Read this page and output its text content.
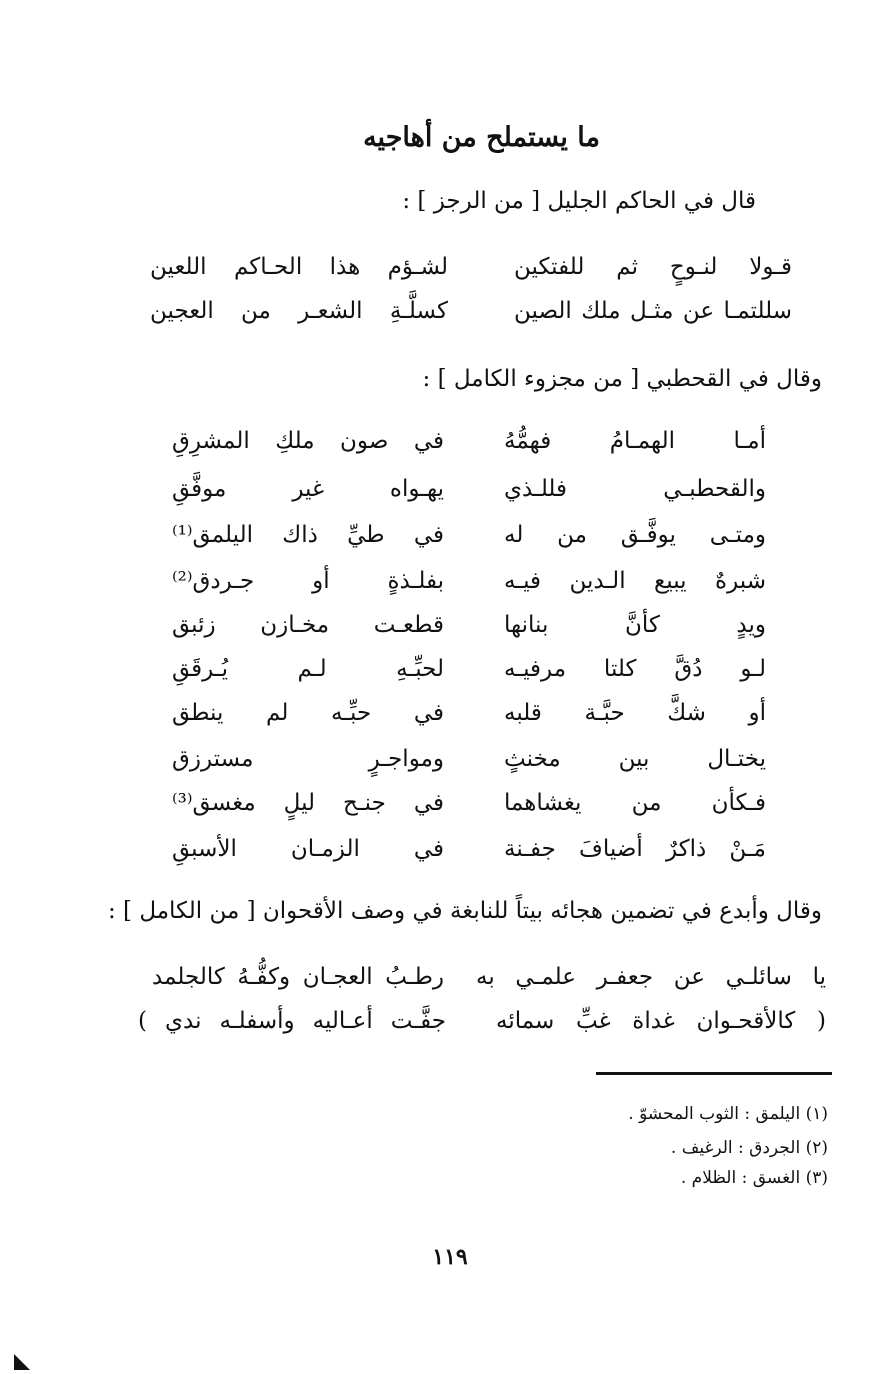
ما يستملح من أهاجيه
قال في الحاكم الجليل [ من الرجز ] :
قـولا لنـوحٍ ثم للفتكين
لشـؤم هذا الحـاكم اللعين
سللتمـا عن مثـل ملك الصين
كسلَّـةِ الشعـر من العجين
وقال في القحطبي [ من مجزوء الكامل ] :
أمـا الهمـامُ فهمُّهُ
في صون ملكِ المشرِقِ
والقحطبـي فللـذي
يهـواه غير موفَّقِ
ومتـى يوفَّـق من له
في طيِّ ذاك اليلمق⁽¹⁾
شبرهٌ يبيع الـدين فيـه
بفلـذةٍ أو جـردق⁽²⁾
ويدٍ كأنَّ بنانها
قطعـت مخـازن زئبق
لـو دُقَّ كلتا مرفيـه
لحبِّـهِ لـم يُـرقَقِ
أو شكَّ حبَّـة قلبه
في حبِّـه لم ينطق
يختـال بين مخنثٍ
ومواجـرٍ مسترزق
فـكأن من يغشاهما
في جنـح ليلٍ مغسق⁽³⁾
مَـنْ ذاكرٌ أضيافَ جفـنة
في الزمـان الأسبقِ
وقال وأبدع في تضمين هجائه بيتاً للنابغة في وصف الأقحوان [ من الكامل ] :
يا سائلـي عن جعفـر علمـي به
رطـبُ العجـان وكفُّـهُ كالجلمد
( كالأقحـوان غداة غبِّ سمائه
جفَّـت أعـاليه وأسفلـه ندي )
(١) اليلمق : الثوب المحشوّ .
(٢) الجردق : الرغيف .
(٣) الغسق : الظلام .
١١٩
